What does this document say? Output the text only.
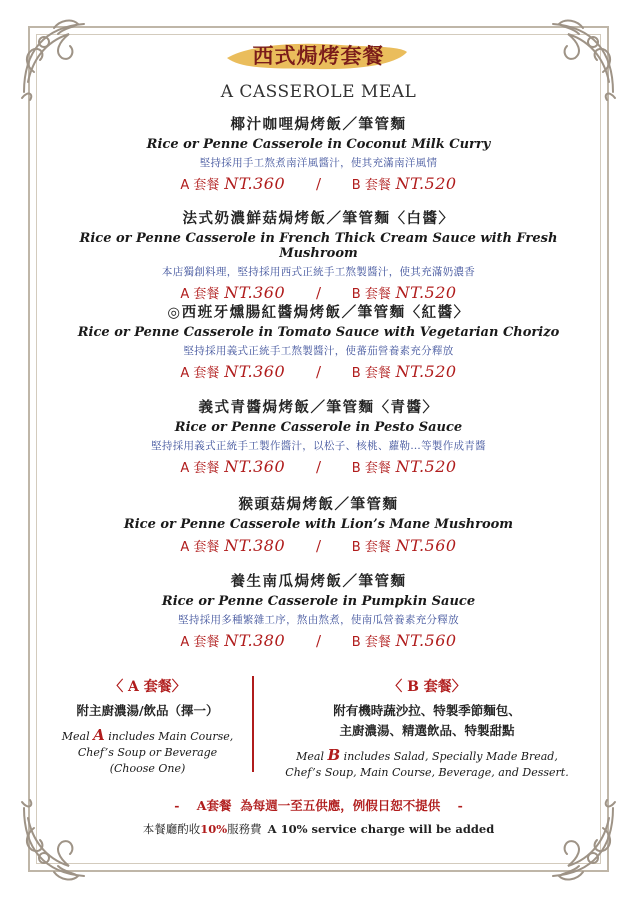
西式焗烤套餐
A CASSEROLE MEAL
椰汁咖哩焗烤飯／筆管麵
Rice or Penne Casserole in Coconut Milk Curry
堅持採用手工熬煮南洋風醬汁，使其充滿南洋風情
A 套餐 NT.360 / B 套餐 NT.520
法式奶濃鮮菇焗烤飯／筆管麵〈白醬〉
Rice or Penne Casserole in French Thick Cream Sauce with Fresh Mushroom
本店獨創料理，堅持採用西式正統手工熬製醬汁，使其充滿奶濃香
A 套餐 NT.360 / B 套餐 NT.520
◎西班牙燻腸紅醬焗烤飯／筆管麵〈紅醬〉
Rice or Penne Casserole in Tomato Sauce with Vegetarian Chorizo
堅持採用義式正統手工熬製醬汁，使蕃茄營養素充分釋放
A 套餐 NT.360 / B 套餐 NT.520
義式青醬焗烤飯／筆管麵〈青醬〉
Rice or Penne Casserole in Pesto Sauce
堅持採用義式正統手工製作醬汁，以松子、核桃、蘿勒…等製作成青醬
A 套餐 NT.360 / B 套餐 NT.520
猴頭菇焗烤飯／筆管麵
Rice or Penne Casserole with Lion’s Mane Mushroom
A 套餐 NT.380 / B 套餐 NT.560
養生南瓜焗烤飯／筆管麵
Rice or Penne Casserole in Pumpkin Sauce
堅持採用多種繁雜工序，熬由熬煮，使南瓜營養素充分釋放
A 套餐 NT.380 / B 套餐 NT.560
〈 A 套餐〉
附主廚濃湯/飲品（擇一）
Meal A includes Main Course,
Chef’s Soup or Beverage
(Choose One)
〈 B 套餐〉
附有機時蔬沙拉、特製季節麵包、
主廚濃湯、精選飲品、特製甜點
Meal B includes Salad, Specially Made Bread,
Chef’s Soup, Main Course, Beverage, and Dessert.
-    A套餐  為每週一至五供應，例假日恕不提供    -
本餐廳酌收10%服務費 A 10% service charge will be added
